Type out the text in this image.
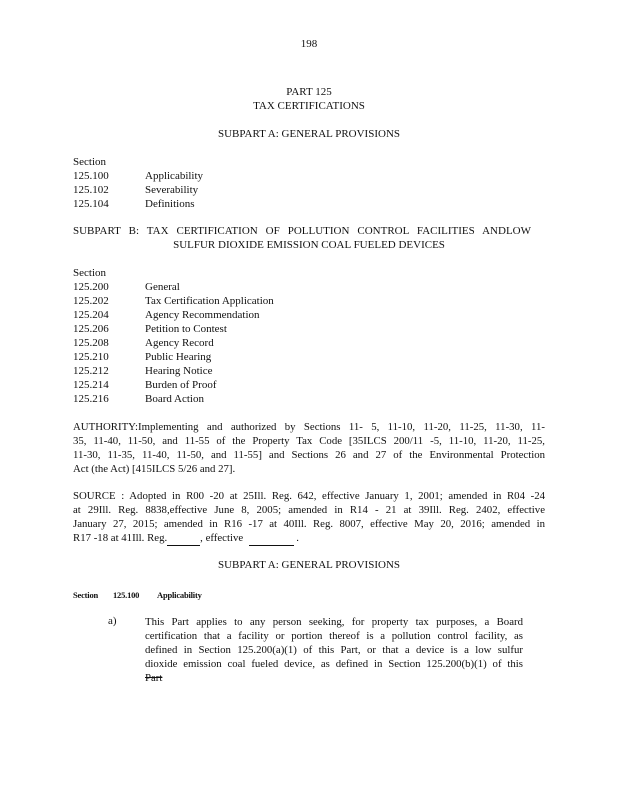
198
PART 125
TAX CERTIFICATIONS
SUBPART A: GENERAL PROVISIONS
Section
125.100	Applicability
125.102	Severability
125.104	Definitions
SUBPART B: TAX CERTIFICATION OF POLLUTION CONTROL FACILITIES ANDLOW
SULFUR DIOXIDE EMISSION COAL FUELED DEVICES
Section
125.200	General
125.202	Tax Certification Application
125.204	Agency Recommendation
125.206	Petition to Contest
125.208	Agency Record
125.210	Public Hearing
125.212	Hearing Notice
125.214	Burden of Proof
125.216	Board Action

AUTHORITY:Implementing and authorized by Sections 11- 5, 11-10, 11-20, 11-25, 11-30, 11-

35, 11-40, 11-50, and 11-55 of the Property Tax Code [35ILCS 200/11 -5, 11-10, 11-20, 11-25,

11-30, 11-35, 11-40, 11-50, and 11-55] and Sections 26 and 27 of the Environmental Protection

Act (the Act) [415ILCS 5/26 and 27].

SOURCE : Adopted in R00 -20 at 25Ill. Reg. 642, effective January 1, 2001; amended in R04 -24

at 29Ill. Reg. 8838,effective June 8, 2005; amended in R14 - 21 at 39Ill. Reg. 2402, effective

January 27, 2015; amended in R16 -17 at 40Ill. Reg. 8007, effective May 20, 2016; amended in

R17 -18 at 41Ill. Reg.	, effective	.

SUBPART A: GENERAL PROVISIONS
Section 125.100 Applicability
a)	This Part applies to any person seeking, for property tax purposes, a Board

certification that a facility or portion thereof is a pollution control facility, as

defined in Section 125.200(a)(1) of this Part, or that a device is a low sulfur

dioxide emission coal fueled device, as defined in Section 125.200(b)(1) of this

Part
